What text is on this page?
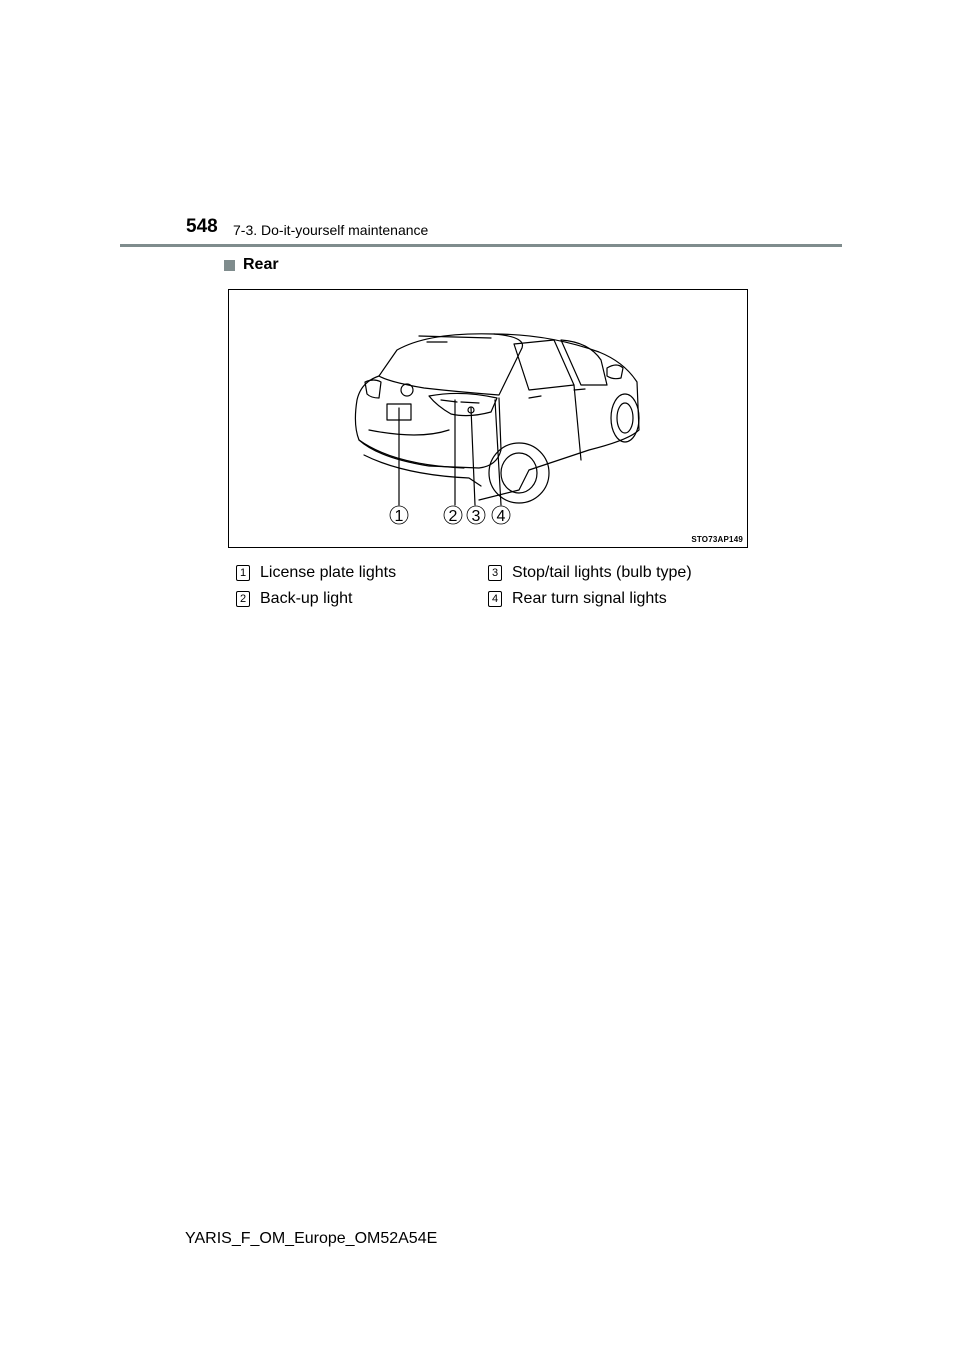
548 7-3. Do-it-yourself maintenance
Rear
1	2 3 4
STO73AP149
1 License plate lights
2 Back-up light
3 Stop/tail lights (bulb type)
4 Rear turn signal lights
YARIS_F_OM_Europe_OM52A54E
